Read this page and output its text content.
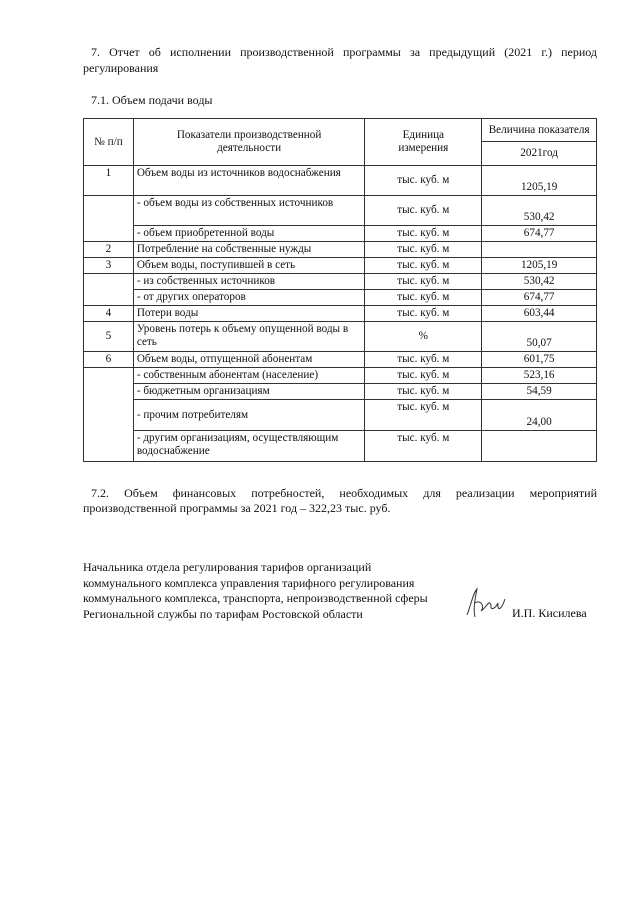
7. Отчет об исполнении производственной программы за предыдущий (2021 г.) период
регулирования
7.1. Объем подачи воды
№ п/п	Показатели производственной деятельности	Единица измерения	Величина показателя
			2021год
1	Объем воды из источников водоснабжения	тыс. куб. м	1205,19
	- объем воды из собственных источников	тыс. куб. м	530,42
	- объем приобретенной воды	тыс. куб. м	674,77
2	Потребление на собственные нужды	тыс. куб. м	
3	Объем воды, поступившей в сеть	тыс. куб. м	1205,19
	- из собственных источников	тыс. куб. м	530,42
	- от других операторов	тыс. куб. м	674,77
4	Потери воды	тыс. куб. м	603,44
5	Уровень потерь к объему опущенной воды в сеть	%	50,07
6	Объем воды, отпущенной абонентам	тыс. куб. м	601,75
	- собственным абонентам (население)	тыс. куб. м	523,16
	- бюджетным организациям	тыс. куб. м	54,59
	- прочим потребителям	тыс. куб. м	24,00
	- другим организациям, осуществляющим водоснабжение	тыс. куб. м	
7.2. Объем финансовых потребностей, необходимых для реализации мероприятий
производственной программы за 2021 год – 322,23 тыс. руб.
Начальника отдела регулирования тарифов организаций
коммунального комплекса управления тарифного регулирования
коммунального комплекса, транспорта, непроизводственной сферы
Региональной службы по тарифам Ростовской области	И.П. Кисилева
